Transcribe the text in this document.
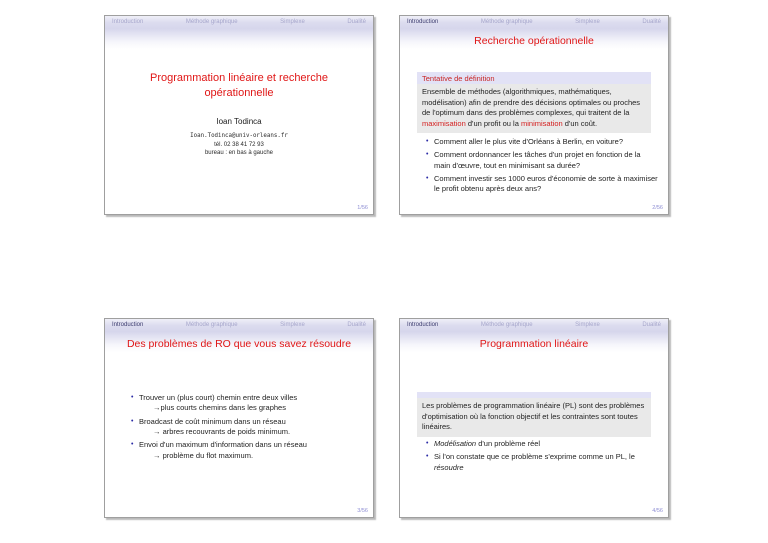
Introduction	Méthode graphique	Simplexe	Dualité
Programmation linéaire et recherche opérationnelle
Ioan Todinca
Ioan.Todinca@univ-orleans.fr
tél. 02 38 41 72 93
bureau : en bas à gauche
1/56
Introduction	Méthode graphique	Simplexe	Dualité
Recherche opérationnelle
Tentative de définition
Ensemble de méthodes (algorithmiques, mathématiques, modélisation) afin de prendre des décisions optimales ou proches de l'optimum dans des problèmes complexes, qui traitent de la maximisation d'un profit ou la minimisation d'un coût.
• Comment aller le plus vite d'Orléans à Berlin, en voiture?
• Comment ordonnancer les tâches d'un projet en fonction de la main d'œuvre, tout en minimisant sa durée?
• Comment investir ses 1000 euros d'économie de sorte à maximiser le profit obtenu après deux ans?
2/56
Introduction	Méthode graphique	Simplexe	Dualité
Des problèmes de RO que vous savez résoudre
• Trouver un (plus court) chemin entre deux villes
→plus courts chemins dans les graphes
• Broadcast de coût minimum dans un réseau
→ arbres recouvrants de poids minimum.
• Envoi d'un maximum d'information dans un réseau
→ problème du flot maximum.
3/56
Introduction	Méthode graphique	Simplexe	Dualité
Programmation linéaire
Les problèmes de programmation linéaire (PL) sont des problèmes d'optimisation où la fonction objectif et les contraintes sont toutes linéaires.
• Modélisation d'un problème réel
• Si l'on constate que ce problème s'exprime comme un PL, le résoudre
4/56
